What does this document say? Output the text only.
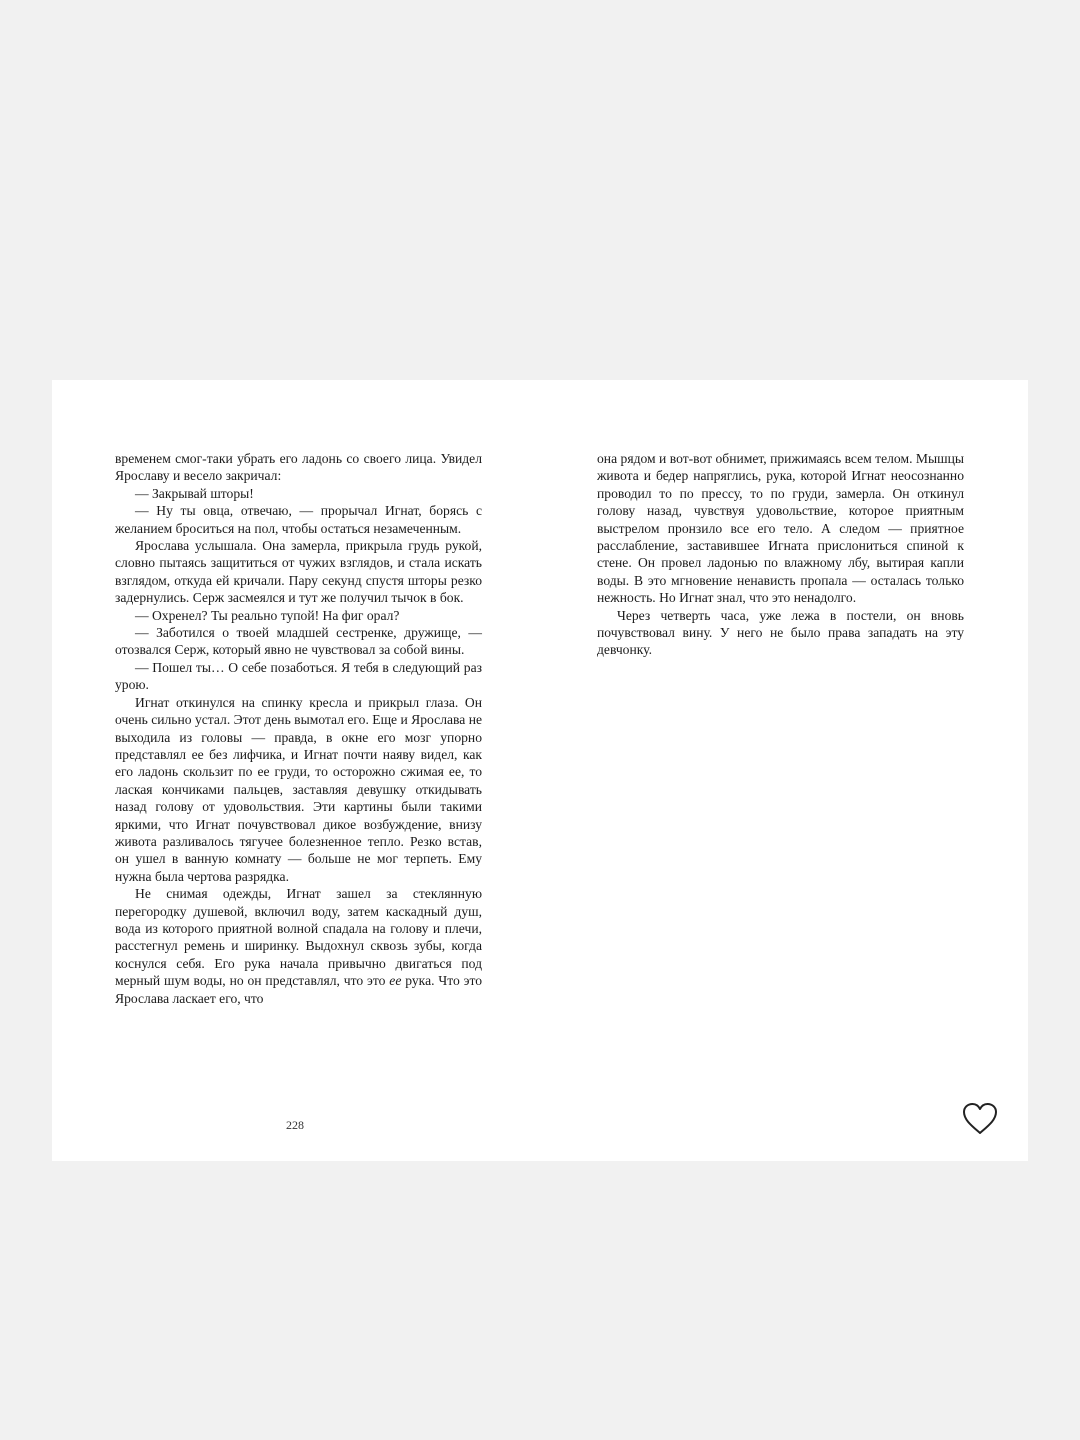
временем смог-таки убрать его ладонь со своего лица. Увидел Ярославу и весело закричал:

— Закрывай шторы!

— Ну ты овца, отвечаю, — прорычал Игнат, борясь с желанием броситься на пол, чтобы остаться незамеченным.

Ярослава услышала. Она замерла, прикрыла грудь рукой, словно пытаясь защититься от чужих взглядов, и стала искать взглядом, откуда ей кричали. Пару секунд спустя шторы резко задернулись. Серж засмеялся и тут же получил тычок в бок.

— Охренел? Ты реально тупой! На фиг орал?

— Заботился о твоей младшей сестренке, дружище, — отозвался Серж, который явно не чувствовал за собой вины.

— Пошел ты… О себе позаботься. Я тебя в следующий раз урою.

Игнат откинулся на спинку кресла и прикрыл глаза. Он очень сильно устал. Этот день вымотал его. Еще и Ярослава не выходила из головы — правда, в окне его мозг упорно представлял ее без лифчика, и Игнат почти наяву видел, как его ладонь скользит по ее груди, то осторожно сжимая ее, то лаская кончиками пальцев, заставляя девушку откидывать назад голову от удовольствия. Эти картины были такими яркими, что Игнат почувствовал дикое возбуждение, внизу живота разливалось тягучее болезненное тепло. Резко встав, он ушел в ванную комнату — больше не мог терпеть. Ему нужна была чертова разрядка.

Не снимая одежды, Игнат зашел за стеклянную перегородку душевой, включил воду, затем каскадный душ, вода из которого приятной волной спадала на голову и плечи, расстегнул ремень и ширинку. Выдохнул сквозь зубы, когда коснулся себя. Его рука начала привычно двигаться под мерный шум воды, но он представлял, что это ее рука. Что это Ярослава ласкает его, что

она рядом и вот-вот обнимет, прижимаясь всем телом. Мышцы живота и бедер напряглись, рука, которой Игнат неосознанно проводил то по прессу, то по груди, замерла. Он откинул голову назад, чувствуя удовольствие, которое приятным выстрелом пронзило все его тело. А следом — приятное расслабление, заставившее Игната прислониться спиной к стене. Он провел ладонью по влажному лбу, вытирая капли воды. В это мгновение ненависть пропала — осталась только нежность. Но Игнат знал, что это ненадолго.

Через четверть часа, уже лежа в постели, он вновь почувствовал вину. У него не было права западать на эту девчонку.

228
